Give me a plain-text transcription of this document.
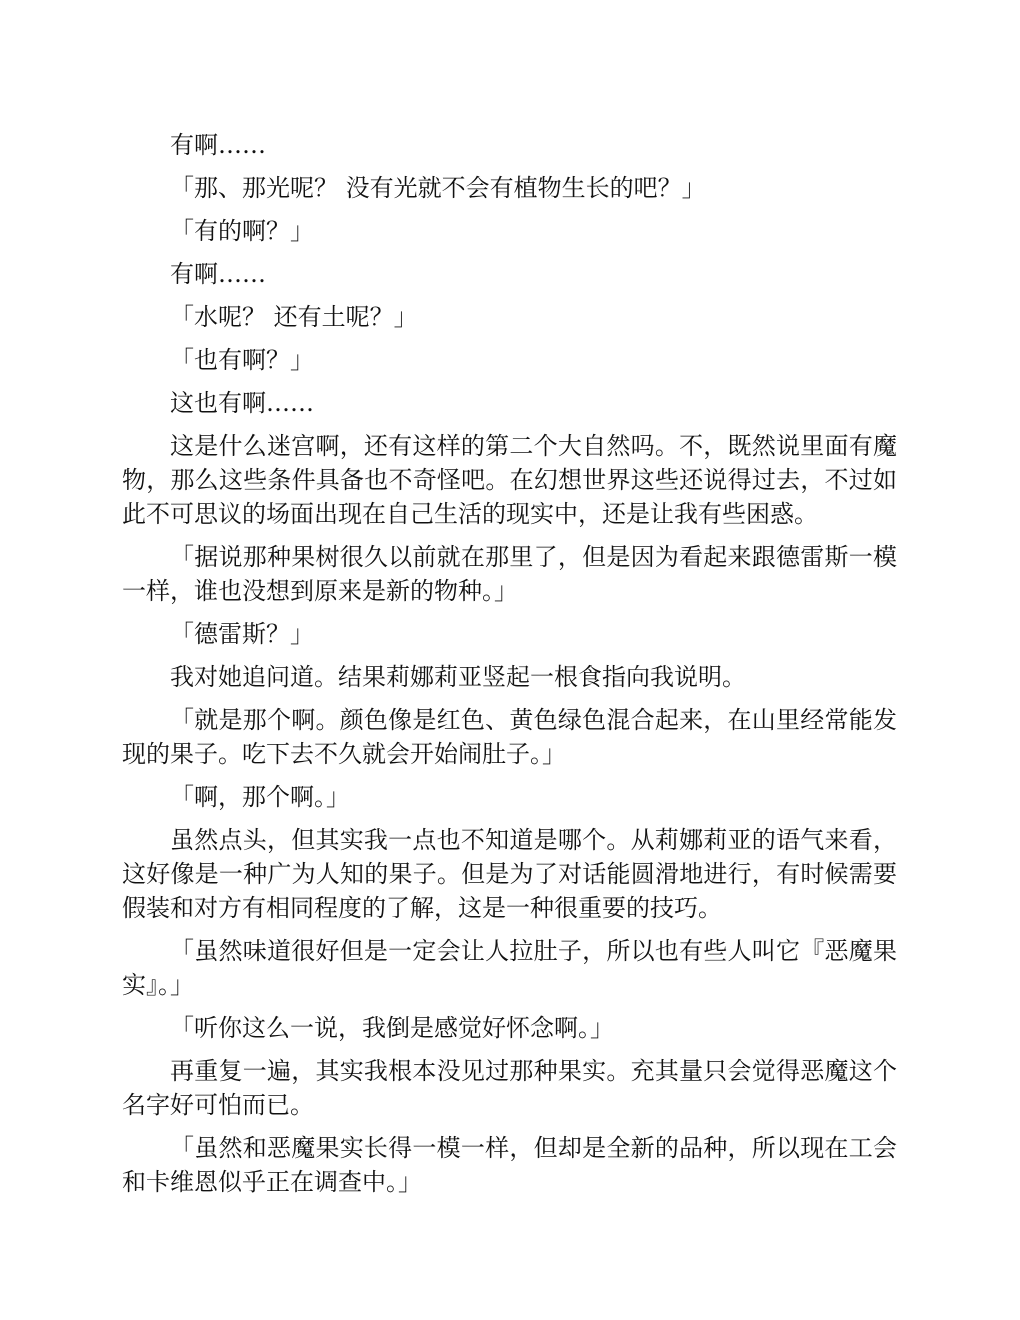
有啊……

「那、那光呢？ 没有光就不会有植物生长的吧？」

「有的啊？」

有啊……

「水呢？ 还有土呢？」

「也有啊？」

这也有啊……

这是什么迷宫啊，还有这样的第二个大自然吗。不，既然说里面有魔物，那么这些条件具备也不奇怪吧。在幻想世界这些还说得过去，不过如此不可思议的场面出现在自己生活的现实中，还是让我有些困惑。

「据说那种果树很久以前就在那里了，但是因为看起来跟德雷斯一模一样，谁也没想到原来是新的物种。」

「德雷斯？」

我对她追问道。结果莉娜莉亚竖起一根食指向我说明。

「就是那个啊。颜色像是红色、黄色绿色混合起来，在山里经常能发现的果子。吃下去不久就会开始闹肚子。」

「啊，那个啊。」

虽然点头，但其实我一点也不知道是哪个。从莉娜莉亚的语气来看，这好像是一种广为人知的果子。但是为了对话能圆滑地进行，有时候需要假装和对方有相同程度的了解，这是一种很重要的技巧。

「虽然味道很好但是一定会让人拉肚子，所以也有些人叫它『恶魔果实』。」

「听你这么一说，我倒是感觉好怀念啊。」

再重复一遍，其实我根本没见过那种果实。充其量只会觉得恶魔这个名字好可怕而已。

「虽然和恶魔果实长得一模一样，但却是全新的品种，所以现在工会和卡维恩似乎正在调查中。」
